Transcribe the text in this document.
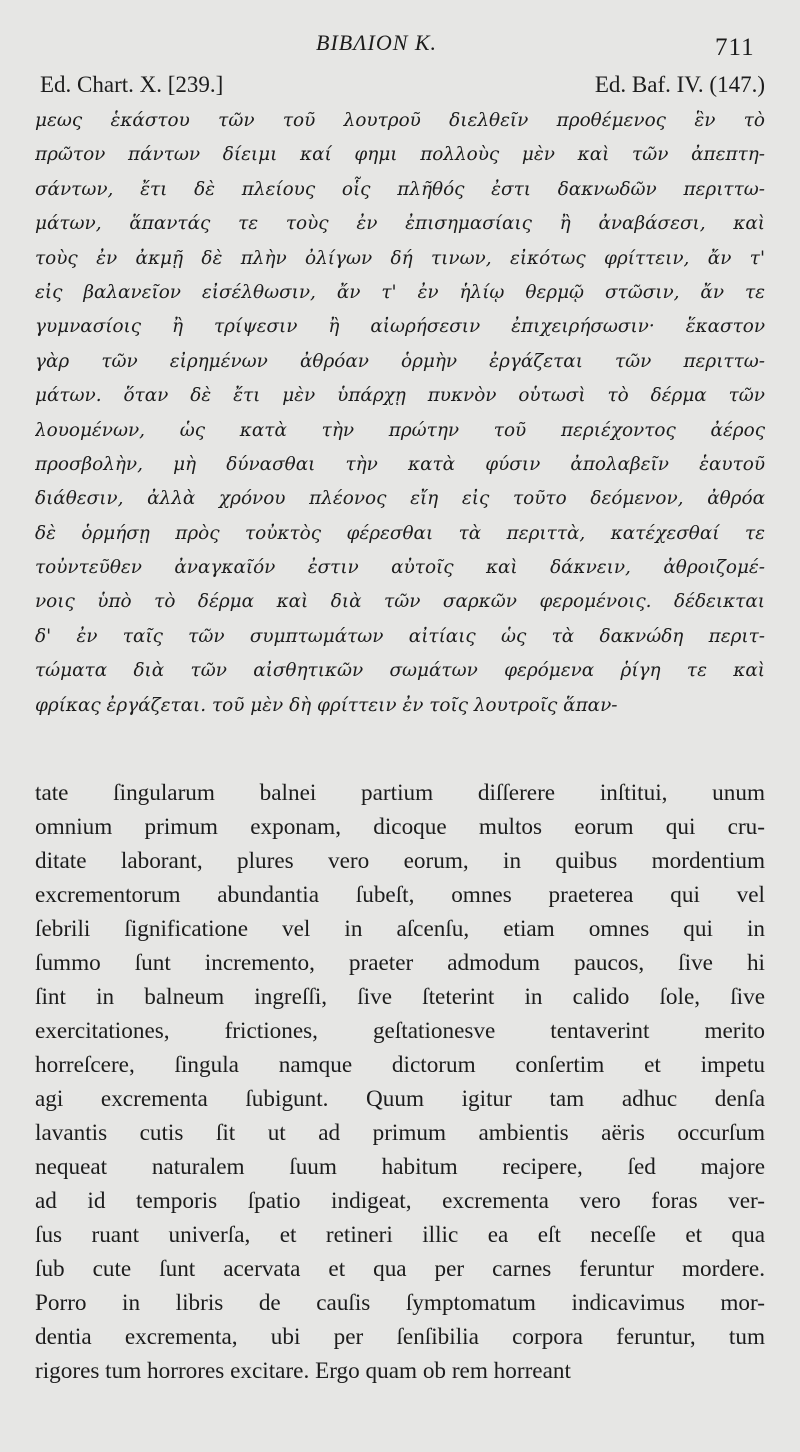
BIBΛION K.	711
Ed. Chart. X. [239.]	Ed. Baf. IV. (147.)
μεως ἑκάστου τῶν τοῦ λουτροῦ διελθεῖν προθέμενος ἓν τὸ
πρῶτον πάντων δίειμι καί φημι πολλοὺς μὲν καὶ τῶν ἀπεπτη-
σάντων, ἔτι δὲ πλείους οἷς πλῆθός ἐστι δακνωδῶν περιττω-
μάτων, ἅπαντάς τε τοὺς ἐν ἐπισημασίαις ἢ ἀναβάσεσι, καὶ
τοὺς ἐν ἀκμῇ δὲ πλὴν ὀλίγων δή τινων, εἰκότως φρίττειν, ἄν τ'
εἰς βαλανεῖον εἰσέλθωσιν, ἄν τ' ἐν ἡλίῳ θερμῷ στῶσιν, ἄν τε
γυμνασίοις ἢ τρίψεσιν ἢ αἰωρήσεσιν ἐπιχειρήσωσιν· ἕκαστον
γὰρ τῶν εἰρημένων ἀθρόαν ὁρμὴν ἐργάζεται τῶν περιττω-
μάτων. ὅταν δὲ ἔτι μὲν ὑπάρχῃ πυκνὸν οὑτωσὶ τὸ δέρμα τῶν
λουομένων, ὡς κατὰ τὴν πρώτην τοῦ περιέχοντος ἀέρος
προσβολὴν, μὴ δύνασθαι τὴν κατὰ φύσιν ἀπολαβεῖν ἑαυτοῦ
διάθεσιν, ἀλλὰ χρόνου πλέονος εἴη εἰς τοῦτο δεόμενον, ἀθρόα
δὲ ὁρμήσῃ πρὸς τοὐκτὸς φέρεσθαι τὰ περιττὰ, κατέχεσθαί τε
τοὐντεῦθεν ἀναγκαῖόν ἐστιν αὐτοῖς καὶ δάκνειν, ἀθροιζομέ-
νοις ὑπὸ τὸ δέρμα καὶ διὰ τῶν σαρκῶν φερομένοις. δέδεικται
δ' ἐν ταῖς τῶν συμπτωμάτων αἰτίαις ὡς τὰ δακνώδη περιτ-
τώματα διὰ τῶν αἰσθητικῶν σωμάτων φερόμενα ῥίγη τε καὶ
φρίκας ἐργάζεται. τοῦ μὲν δὴ φρίττειν ἐν τοῖς λουτροῖς ἅπαν-
tate ſingularum balnei partium diſſerere inſtitui, unum
omnium primum exponam, dicoque multos eorum qui cru-
ditate laborant, plures vero eorum, in quibus mordentium
excrementorum abundantia ſubeſt, omnes praeterea qui vel
ſebrili ſignificatione vel in aſcenſu, etiam omnes qui in
ſummo ſunt incremento, praeter admodum paucos, ſive hi
ſint in balneum ingreſſi, ſive ſteterint in calido ſole, ſive
exercitationes, frictiones, geſtationesve tentaverint merito
horreſcere, ſingula namque dictorum conſertim et impetu
agi excrementa ſubigunt. Quum igitur tam adhuc denſa
lavantis cutis ſit ut ad primum ambientis aëris occurſum
nequeat naturalem ſuum habitum recipere, ſed majore
ad id temporis ſpatio indigeat, excrementa vero foras ver-
ſus ruant univerſa, et retineri illic ea eſt neceſſe et qua
ſub cute ſunt acervata et qua per carnes feruntur mordere.
Porro in libris de cauſis ſymptomatum indicavimus mor-
dentia excrementa, ubi per ſenſibilia corpora feruntur, tum
rigores tum horrores excitare. Ergo quam ob rem horreant
